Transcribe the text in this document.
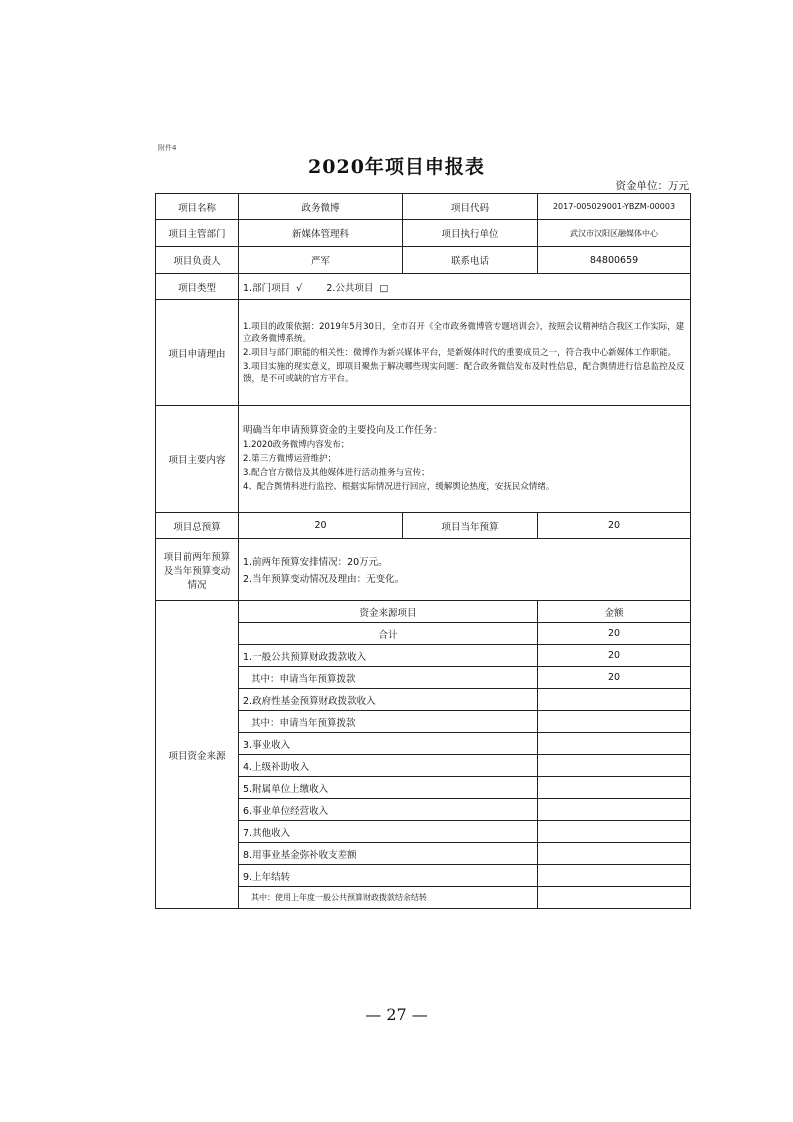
附件4
2020年项目申报表
资金单位：万元
项目名称	政务微博	项目代码	2017-005029001-YBZM-00003
项目主管部门	新媒体管理科	项目执行单位	武汉市汉阳区融媒体中心
项目负责人	严军	联系电话	84800659
项目类型	1.部门项目  √        2.公共项目  □		
项目申请理由	1.项目的政策依据：2019年5月30日，全市召开《全市政务微博管专题培训会》，按照会议精神结合我区工作实际，建立政务微博系统。

2.项目与部门职能的相关性：微博作为新兴媒体平台，是新媒体时代的重要成员之一，符合我中心新媒体工作职能。

3.项目实施的现实意义，即项目聚焦于解决哪些现实问题：配合政务微信发布及时性信息，配合舆情进行信息监控及反馈，是不可或缺的官方平台。		

项目主要内容	明确当年申请预算资金的主要投向及工作任务：

1.2020政务微博内容发布；

2.第三方微博运营维护；

3.配合官方微信及其他媒体进行活动推务与宣传；

4、配合舆情科进行监控、根据实际情况进行回应，缓解舆论热度，安抚民众情绪。		

项目总预算	20	项目当年预算	20
项目前两年预算及当年预算变动情况	1.前两年预算安排情况：20万元。

2.当年预算变动情况及理由：无变化。		

项目资金来源	资金来源项目		金额
	合计		20
	1.一般公共预算财政拨款收入		20
	其中：申请当年预算拨款		20
	2.政府性基金预算财政拨款收入		
	其中：申请当年预算拨款		
	3.事业收入		
	4.上级补助收入		
	5.附属单位上缴收入		
	6.事业单位经营收入		
	7.其他收入		
	8.用事业基金弥补收支差额		
	9.上年结转		
	其中：使用上年度一般公共预算财政拨款结余结转		
— 27 —
